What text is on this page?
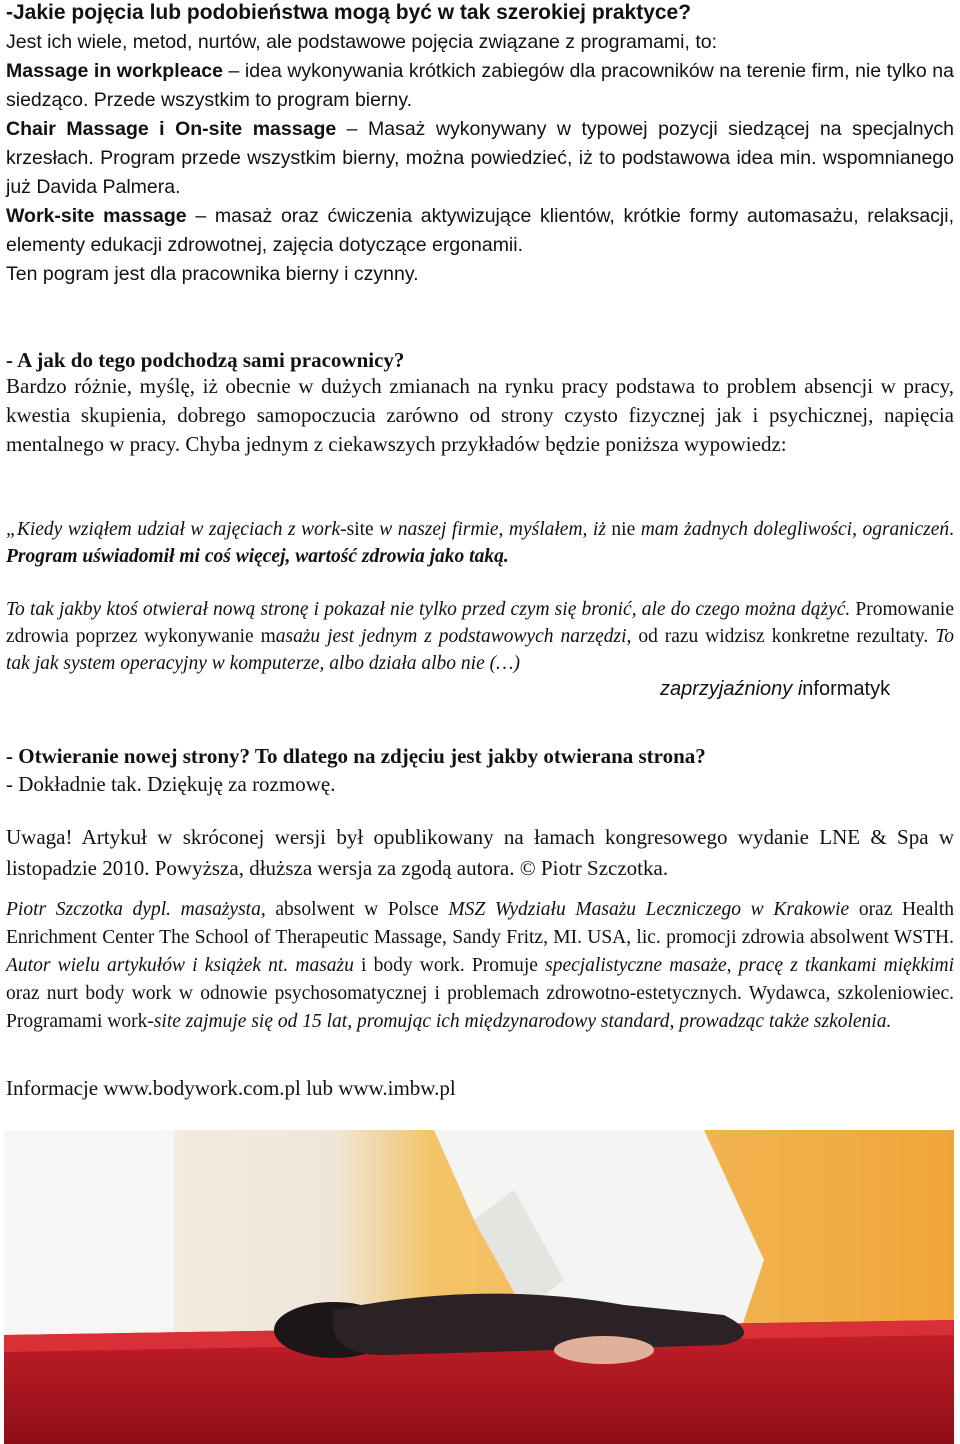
-Jakie pojęcia lub podobieństwa mogą być w tak szerokiej praktyce?

Jest ich wiele, metod, nurtów, ale podstawowe pojęcia związane z programami, to:
Massage in workpleace – idea wykonywania krótkich zabiegów dla pracowników na terenie firm, nie tylko na siedząco. Przede wszystkim to program bierny.
Chair Massage i On-site massage – Masaż wykonywany w typowej pozycji siedzącej na specjalnych krzesłach. Program przede wszystkim bierny, można powiedzieć, iż to podstawowa idea min. wspomnianego już Davida Palmera.
Work-site massage – masaż oraz ćwiczenia aktywizujące klientów, krótkie formy automasażu, relaksacji, elementy edukacji zdrowotnej, zajęcia dotyczące ergonamii.
Ten pogram jest dla pracownika bierny i czynny.

- A jak do tego podchodzą sami pracownicy?

Bardzo różnie, myślę, iż obecnie w dużych zmianach na rynku pracy podstawa to problem absencji w pracy, kwestia skupienia, dobrego samopoczucia zarówno od strony czysto fizycznej jak i psychicznej, napięcia mentalnego w pracy. Chyba jednym z ciekawszych przykładów będzie poniższa wypowiedz:

„Kiedy wziąłem udział w zajęciach z work-site w naszej firmie, myślałem, iż nie mam żadnych dolegliwości, ograniczeń. Program uświadomił mi coś więcej, wartość zdrowia jako taką.

To tak jakby ktoś otwierał nową stronę i pokazał nie tylko przed czym się bronić, ale do czego można dążyć. Promowanie zdrowia poprzez wykonywanie masażu jest jednym z podstawowych narzędzi, od razu widzisz konkretne rezultaty. To tak jak system operacyjny w komputerze, albo działa albo nie (…)

zaprzyjaźniony informatyk

- Otwieranie nowej strony? To dlatego na zdjęciu jest jakby otwierana strona?

- Dokładnie tak. Dziękuję za rozmowę.

Uwaga! Artykuł w skróconej wersji był opublikowany na łamach kongresowego wydanie LNE & Spa w listopadzie 2010. Powyższa, dłuższa wersja za zgodą autora. © Piotr Szczotka.

Piotr Szczotka dypl. masażysta, absolwent w Polsce MSZ Wydziału Masażu Leczniczego w Krakowie oraz Health Enrichment Center The School of Therapeutic Massage, Sandy Fritz, MI. USA, lic. promocji zdrowia absolwent WSTH. Autor wielu artykułów i książek nt. masażu i body work. Promuje specjalistyczne masaże, pracę z tkankami miękkimi oraz nurt body work w odnowie psychosomatycznej i problemach zdrowotno-estetycznych. Wydawca, szkoleniowiec. Programami work-site zajmuje się od 15 lat, promując ich międzynarodowy standard, prowadząc także szkolenia.

Informacje www.bodywork.com.pl lub www.imbw.pl
